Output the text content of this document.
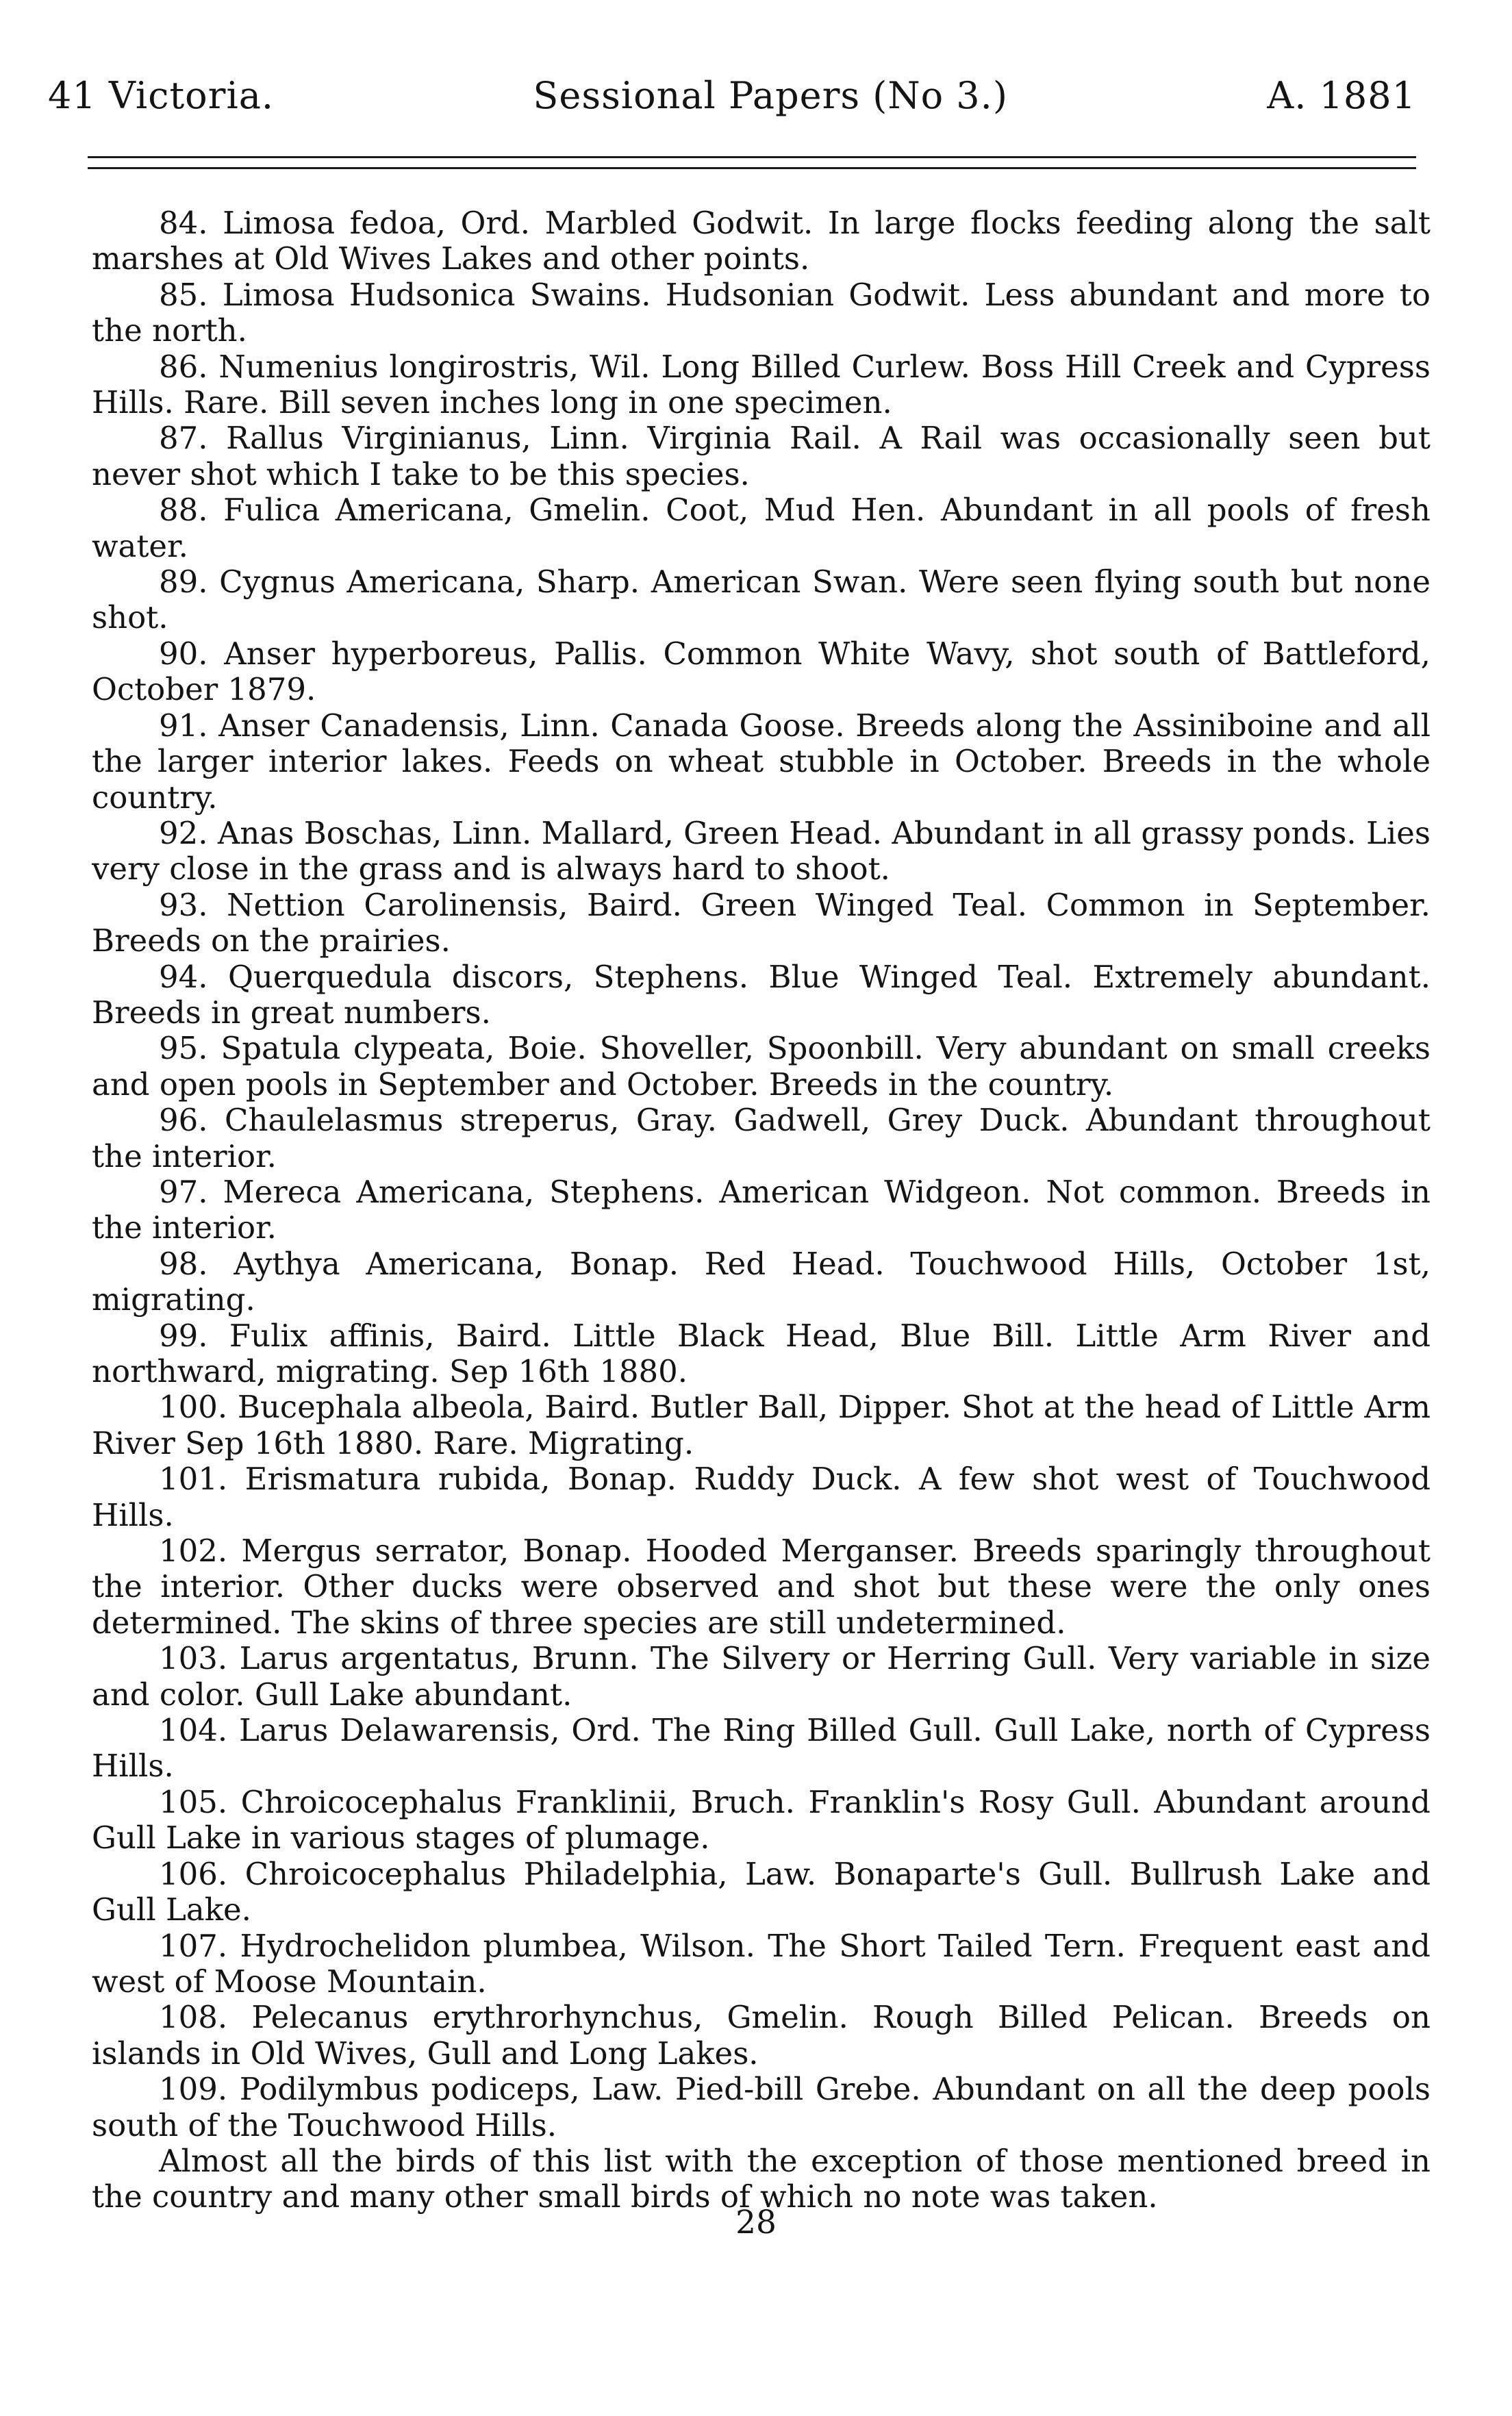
41 Victoria.	Sessional Papers (No 3.)	A. 1881

84. Limosa fedoa, Ord. Marbled Godwit. In large flocks feeding along the salt marshes at Old Wives Lakes and other points.

85. Limosa Hudsonica Swains. Hudsonian Godwit. Less abundant and more to the north.

86. Numenius longirostris, Wil. Long Billed Curlew. Boss Hill Creek and Cypress Hills. Rare. Bill seven inches long in one specimen.

87. Rallus Virginianus, Linn. Virginia Rail. A Rail was occasionally seen but never shot which I take to be this species.

88. Fulica Americana, Gmelin. Coot, Mud Hen. Abundant in all pools of fresh water.

89. Cygnus Americana, Sharp. American Swan. Were seen flying south but none shot.

90. Anser hyperboreus, Pallis. Common White Wavy, shot south of Battleford, October 1879.

91. Anser Canadensis, Linn. Canada Goose. Breeds along the Assiniboine and all the larger interior lakes. Feeds on wheat stubble in October. Breeds in the whole country.

92. Anas Boschas, Linn. Mallard, Green Head. Abundant in all grassy ponds. Lies very close in the grass and is always hard to shoot.

93. Nettion Carolinensis, Baird. Green Winged Teal. Common in September. Breeds on the prairies.

94. Querquedula discors, Stephens. Blue Winged Teal. Extremely abundant. Breeds in great numbers.

95. Spatula clypeata, Boie. Shoveller, Spoonbill. Very abundant on small creeks and open pools in September and October. Breeds in the country.

96. Chaulelasmus streperus, Gray. Gadwell, Grey Duck. Abundant throughout the interior.

97. Mereca Americana, Stephens. American Widgeon. Not common. Breeds in the interior.

98. Aythya Americana, Bonap. Red Head. Touchwood Hills, October 1st, migrating.

99. Fulix affinis, Baird. Little Black Head, Blue Bill. Little Arm River and northward, migrating. Sep 16th 1880.

100. Bucephala albeola, Baird. Butler Ball, Dipper. Shot at the head of Little Arm River Sep 16th 1880. Rare. Migrating.

101. Erismatura rubida, Bonap. Ruddy Duck. A few shot west of Touchwood Hills.

102. Mergus serrator, Bonap. Hooded Merganser. Breeds sparingly throughout the interior. Other ducks were observed and shot but these were the only ones determined. The skins of three species are still undetermined.

103. Larus argentatus, Brunn. The Silvery or Herring Gull. Very variable in size and color. Gull Lake abundant.

104. Larus Delawarensis, Ord. The Ring Billed Gull. Gull Lake, north of Cypress Hills.

105. Chroicocephalus Franklinii, Bruch. Franklin's Rosy Gull. Abundant around Gull Lake in various stages of plumage.

106. Chroicocephalus Philadelphia, Law. Bonaparte's Gull. Bullrush Lake and Gull Lake.

107. Hydrochelidon plumbea, Wilson. The Short Tailed Tern. Frequent east and west of Moose Mountain.

108. Pelecanus erythrorhynchus, Gmelin. Rough Billed Pelican. Breeds on islands in Old Wives, Gull and Long Lakes.

109. Podilymbus podiceps, Law. Pied-bill Grebe. Abundant on all the deep pools south of the Touchwood Hills.

Almost all the birds of this list with the exception of those mentioned breed in the country and many other small birds of which no note was taken.

28
